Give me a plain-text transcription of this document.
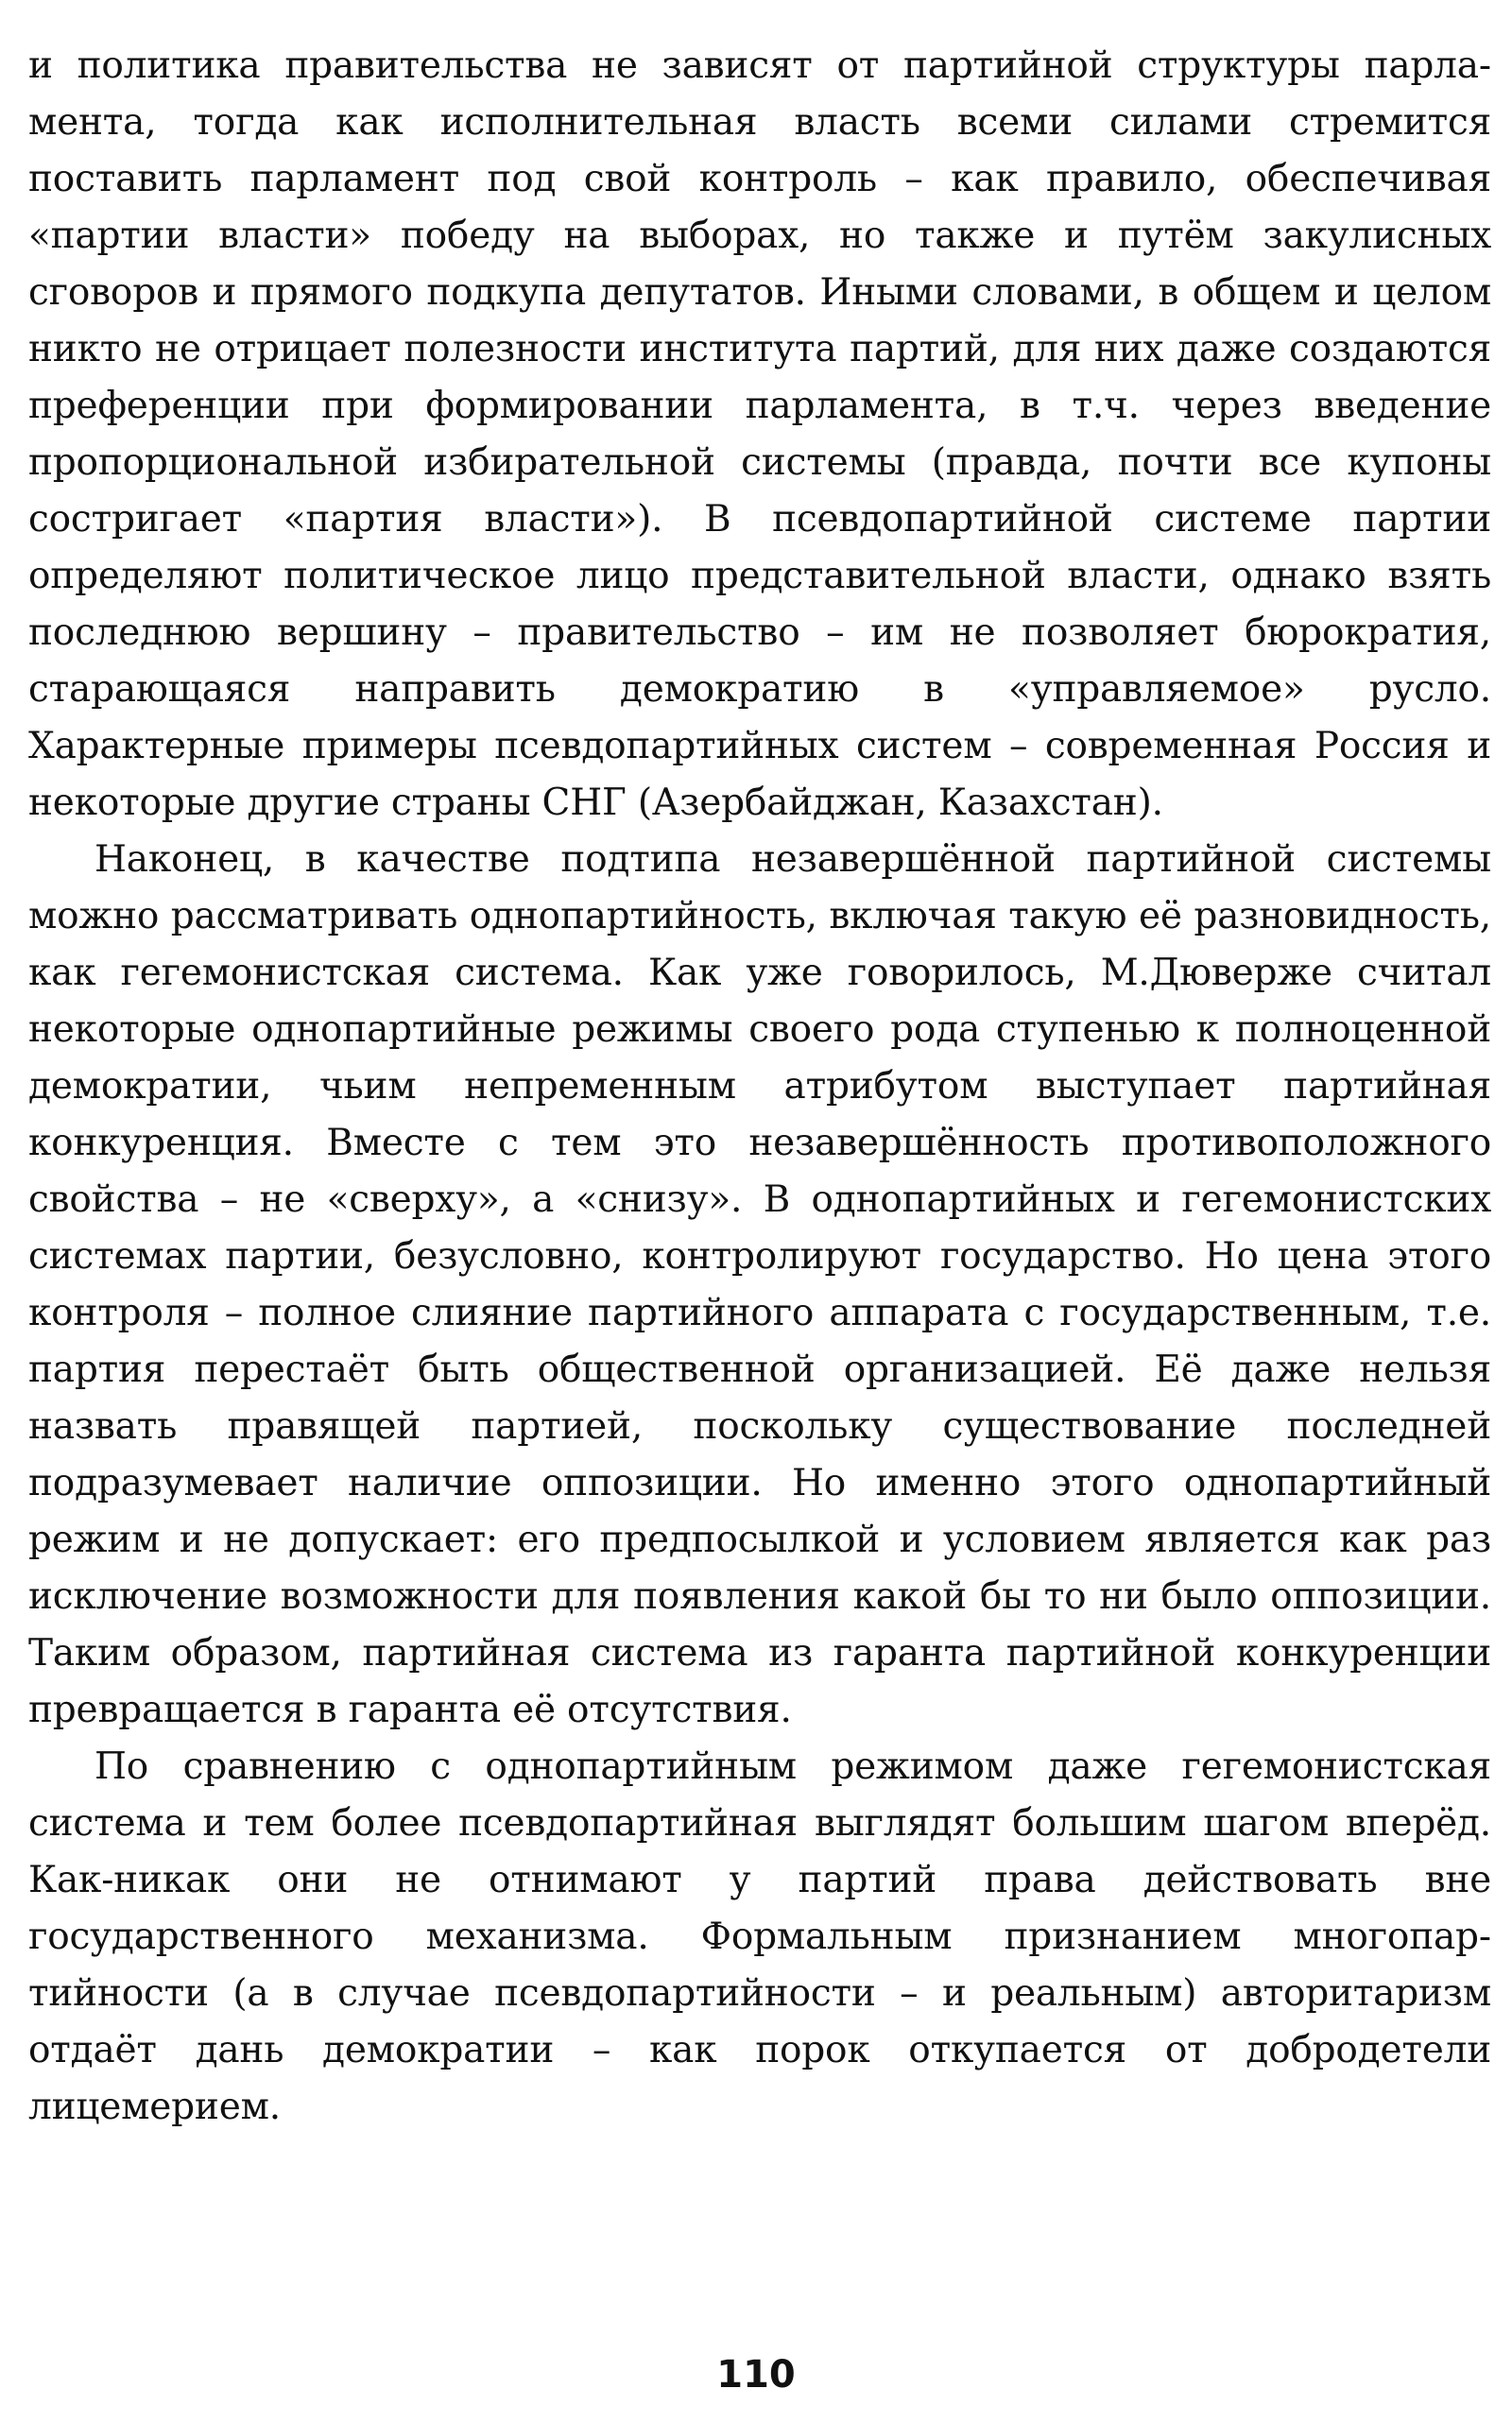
и политика правительства не зависят от партийной структуры парламента, тогда как исполнительная власть всеми силами стремится поставить парламент под свой контроль – как правило, обеспечивая «партии власти» победу на выборах, но также и путём закулисных сговоров и прямого подкупа депутатов. Иными словами, в общем и целом никто не отрицает полезности института партий, для них даже создаются преференции при формировании парламента, в т.ч. через введение пропорциональной избирательной системы (правда, почти все купоны состригает «партия власти»). В псевдопартийной системе партии определяют политическое лицо представительной власти, однако взять последнюю вершину – правительство – им не позволяет бюрократия, старающаяся направить демократию в «управляемое» русло. Характерные примеры псевдопартийных систем – современная Россия и некоторые другие страны СНГ (Азербайджан, Казахстан).

Наконец, в качестве подтипа незавершённой партийной системы можно рассматривать однопартийность, включая такую её разновидность, как гегемонистская система. Как уже говорилось, М.Дюверже считал некоторые однопартийные режимы своего рода ступенью к полноценной демократии, чьим непременным атрибутом выступает партийная конкуренция. Вместе с тем это незавершённость противоположного свойства – не «сверху», а «снизу». В однопартийных и гегемонистских системах партии, безусловно, контролируют государство. Но цена этого контроля – полное слияние партийного аппарата с государственным, т.е. партия перестаёт быть общественной организацией. Её даже нельзя назвать правящей партией, поскольку существование последней подразумевает наличие оппозиции. Но именно этого однопартийный режим и не допускает: его предпосылкой и условием является как раз исключение возможности для появления какой бы то ни было оппозиции. Таким образом, партийная система из гаранта партийной конкуренции превращается в гаранта её отсутствия.

По сравнению с однопартийным режимом даже гегемонистская система и тем более псевдопартийная выглядят большим шагом вперёд. Как-никак они не отнимают у партий права действовать вне государственного механизма. Формальным признанием многопартийности (а в случае псевдопартийности – и реальным) авторитаризм отдаёт дань демократии – как порок откупается от добродетели лицемерием.

110
